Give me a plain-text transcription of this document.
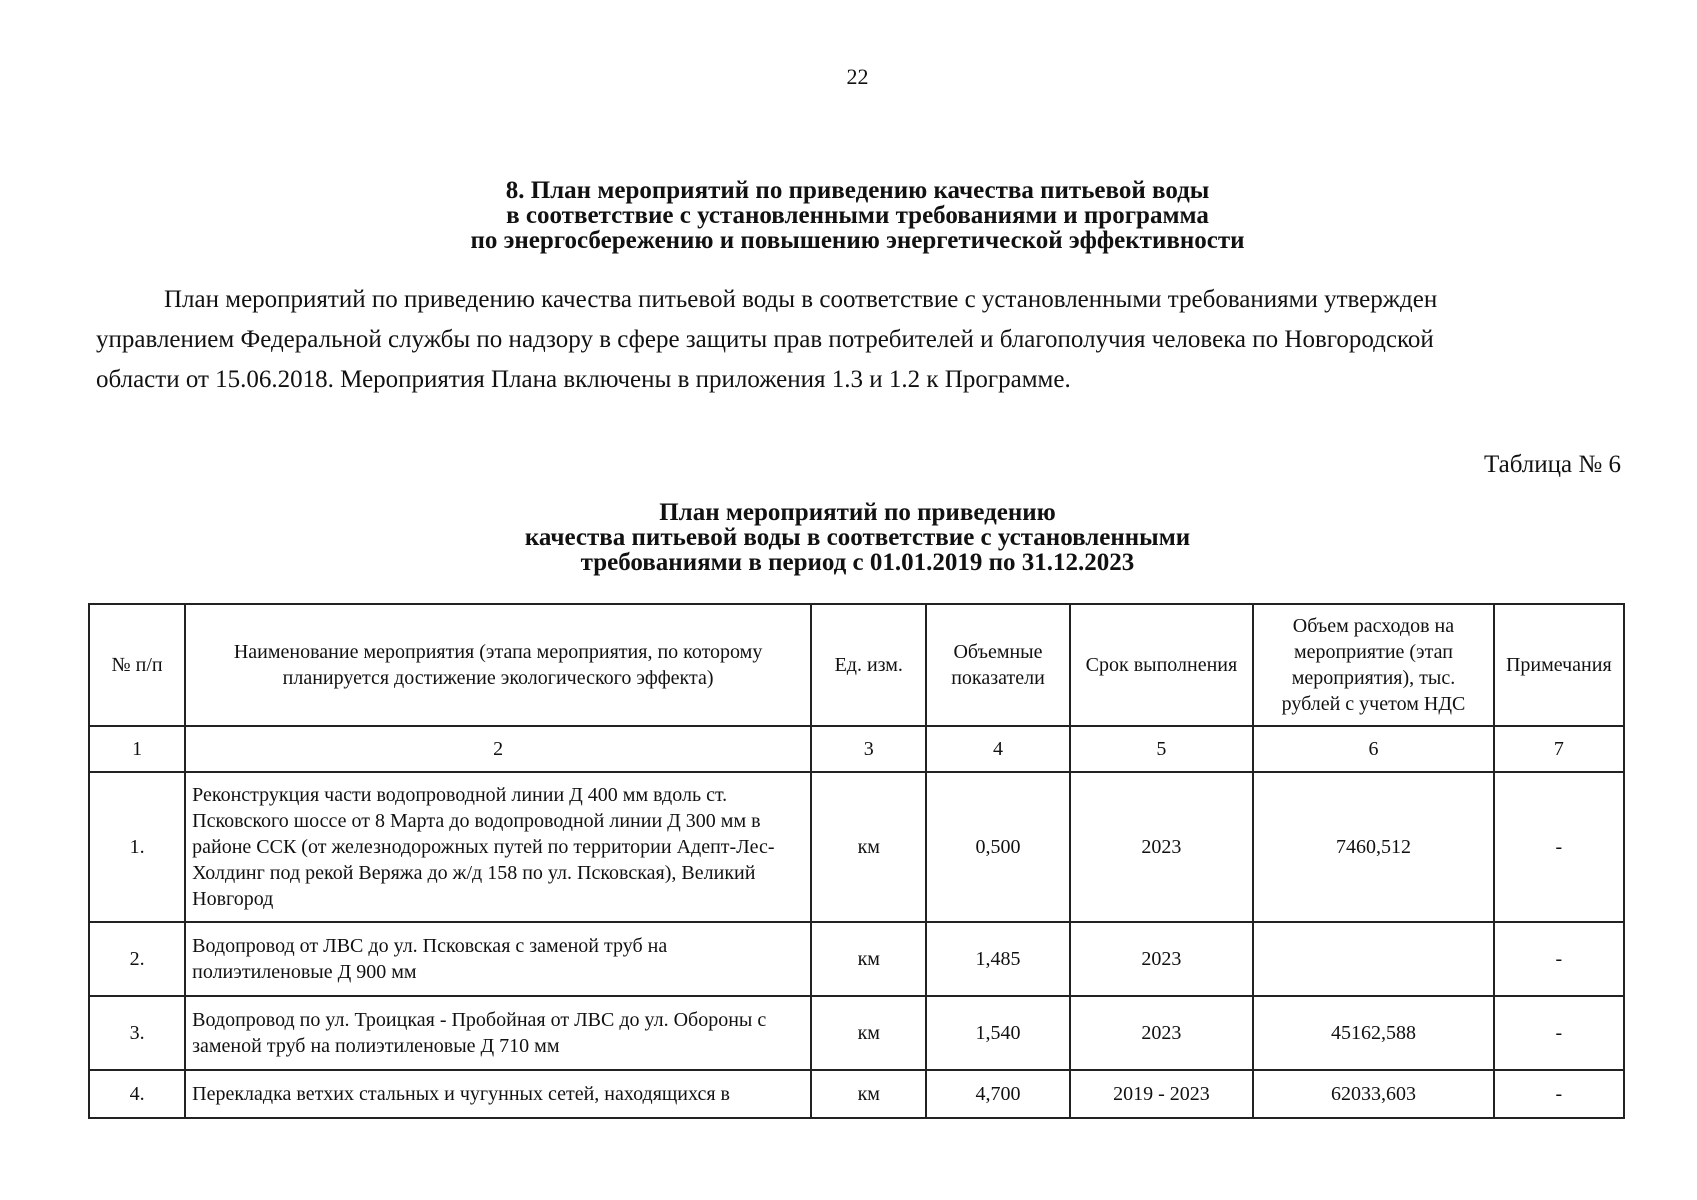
22
8. План мероприятий по приведению качества питьевой воды
в соответствие с установленными требованиями и программа
по энергосбережению и повышению энергетической эффективности
План мероприятий по приведению качества питьевой воды в соответствие с установленными требованиями утвержден
управлением Федеральной службы по надзору в сфере защиты прав потребителей и благополучия человека по Новгородской
области от 15.06.2018. Мероприятия Плана включены в приложения 1.3 и 1.2 к Программе.
Таблица № 6
План мероприятий по приведению
качества питьевой воды в соответствие с установленными
требованиями в период с 01.01.2019 по 31.12.2023
№ п/п	Наименование мероприятия (этапа мероприятия, по которому планируется достижение экологического эффекта)	Ед. изм.	Объемные показатели	Срок выполнения	Объем расходов на мероприятие (этап мероприятия), тыс. рублей с учетом НДС	Примечания
1	2	3	4	5	6	7
1.	Реконструкция части водопроводной линии Д 400 мм вдоль ст. Псковского шоссе от 8 Марта до водопроводной линии Д 300 мм в районе ССК (от железнодорожных путей по территории Адепт-Лес-Холдинг под рекой Веряжа до ж/д 158 по ул. Псковская), Великий Новгород	км	0,500	2023	7460,512	-
2.	Водопровод от ЛВС до ул. Псковская с заменой труб на полиэтиленовые Д 900 мм	км	1,485	2023		-
3.	Водопровод по ул. Троицкая - Пробойная от ЛВС до ул. Обороны с заменой труб на полиэтиленовые Д 710 мм	км	1,540	2023	45162,588	-
4.	Перекладка ветхих стальных и чугунных сетей, находящихся в	км	4,700	2019 - 2023	62033,603	-
